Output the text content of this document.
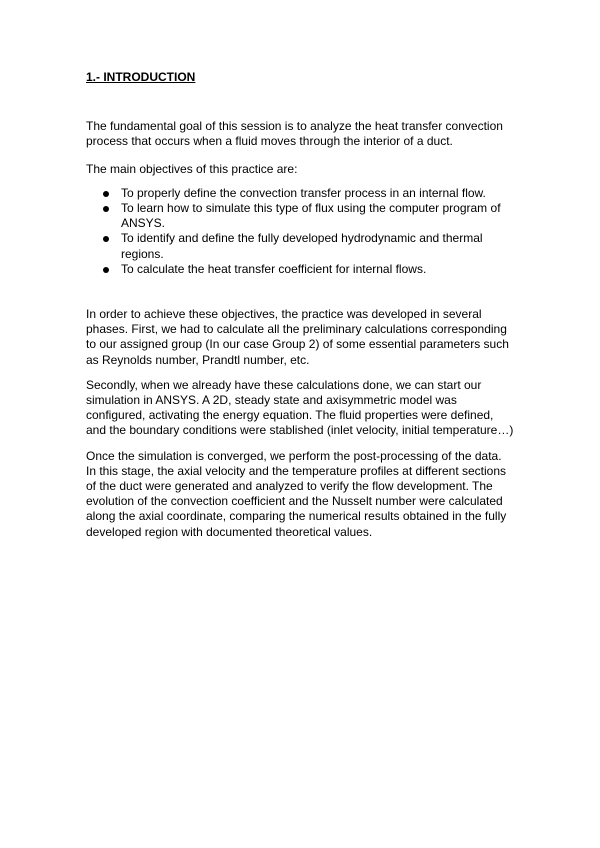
1.- INTRODUCTION

The fundamental goal of this session is to analyze the heat transfer convection process that occurs when a fluid moves through the interior of a duct.

The main objectives of this practice are:

To properly define the convection transfer process in an internal flow.
To learn how to simulate this type of flux using the computer program of ANSYS.
To identify and define the fully developed hydrodynamic and thermal regions.
To calculate the heat transfer coefficient for internal flows.

In order to achieve these objectives, the practice was developed in several phases. First, we had to calculate all the preliminary calculations corresponding to our assigned group (In our case Group 2) of some essential parameters such as Reynolds number, Prandtl number, etc.

Secondly, when we already have these calculations done, we can start our simulation in ANSYS. A 2D, steady state and axisymmetric model was configured, activating the energy equation. The fluid properties were defined, and the boundary conditions were stablished (inlet velocity, initial temperature…)

Once the simulation is converged, we perform the post-processing of the data. In this stage, the axial velocity and the temperature profiles at different sections of the duct were generated and analyzed to verify the flow development. The evolution of the convection coefficient and the Nusselt number were calculated along the axial coordinate, comparing the numerical results obtained in the fully developed region with documented theoretical values.
